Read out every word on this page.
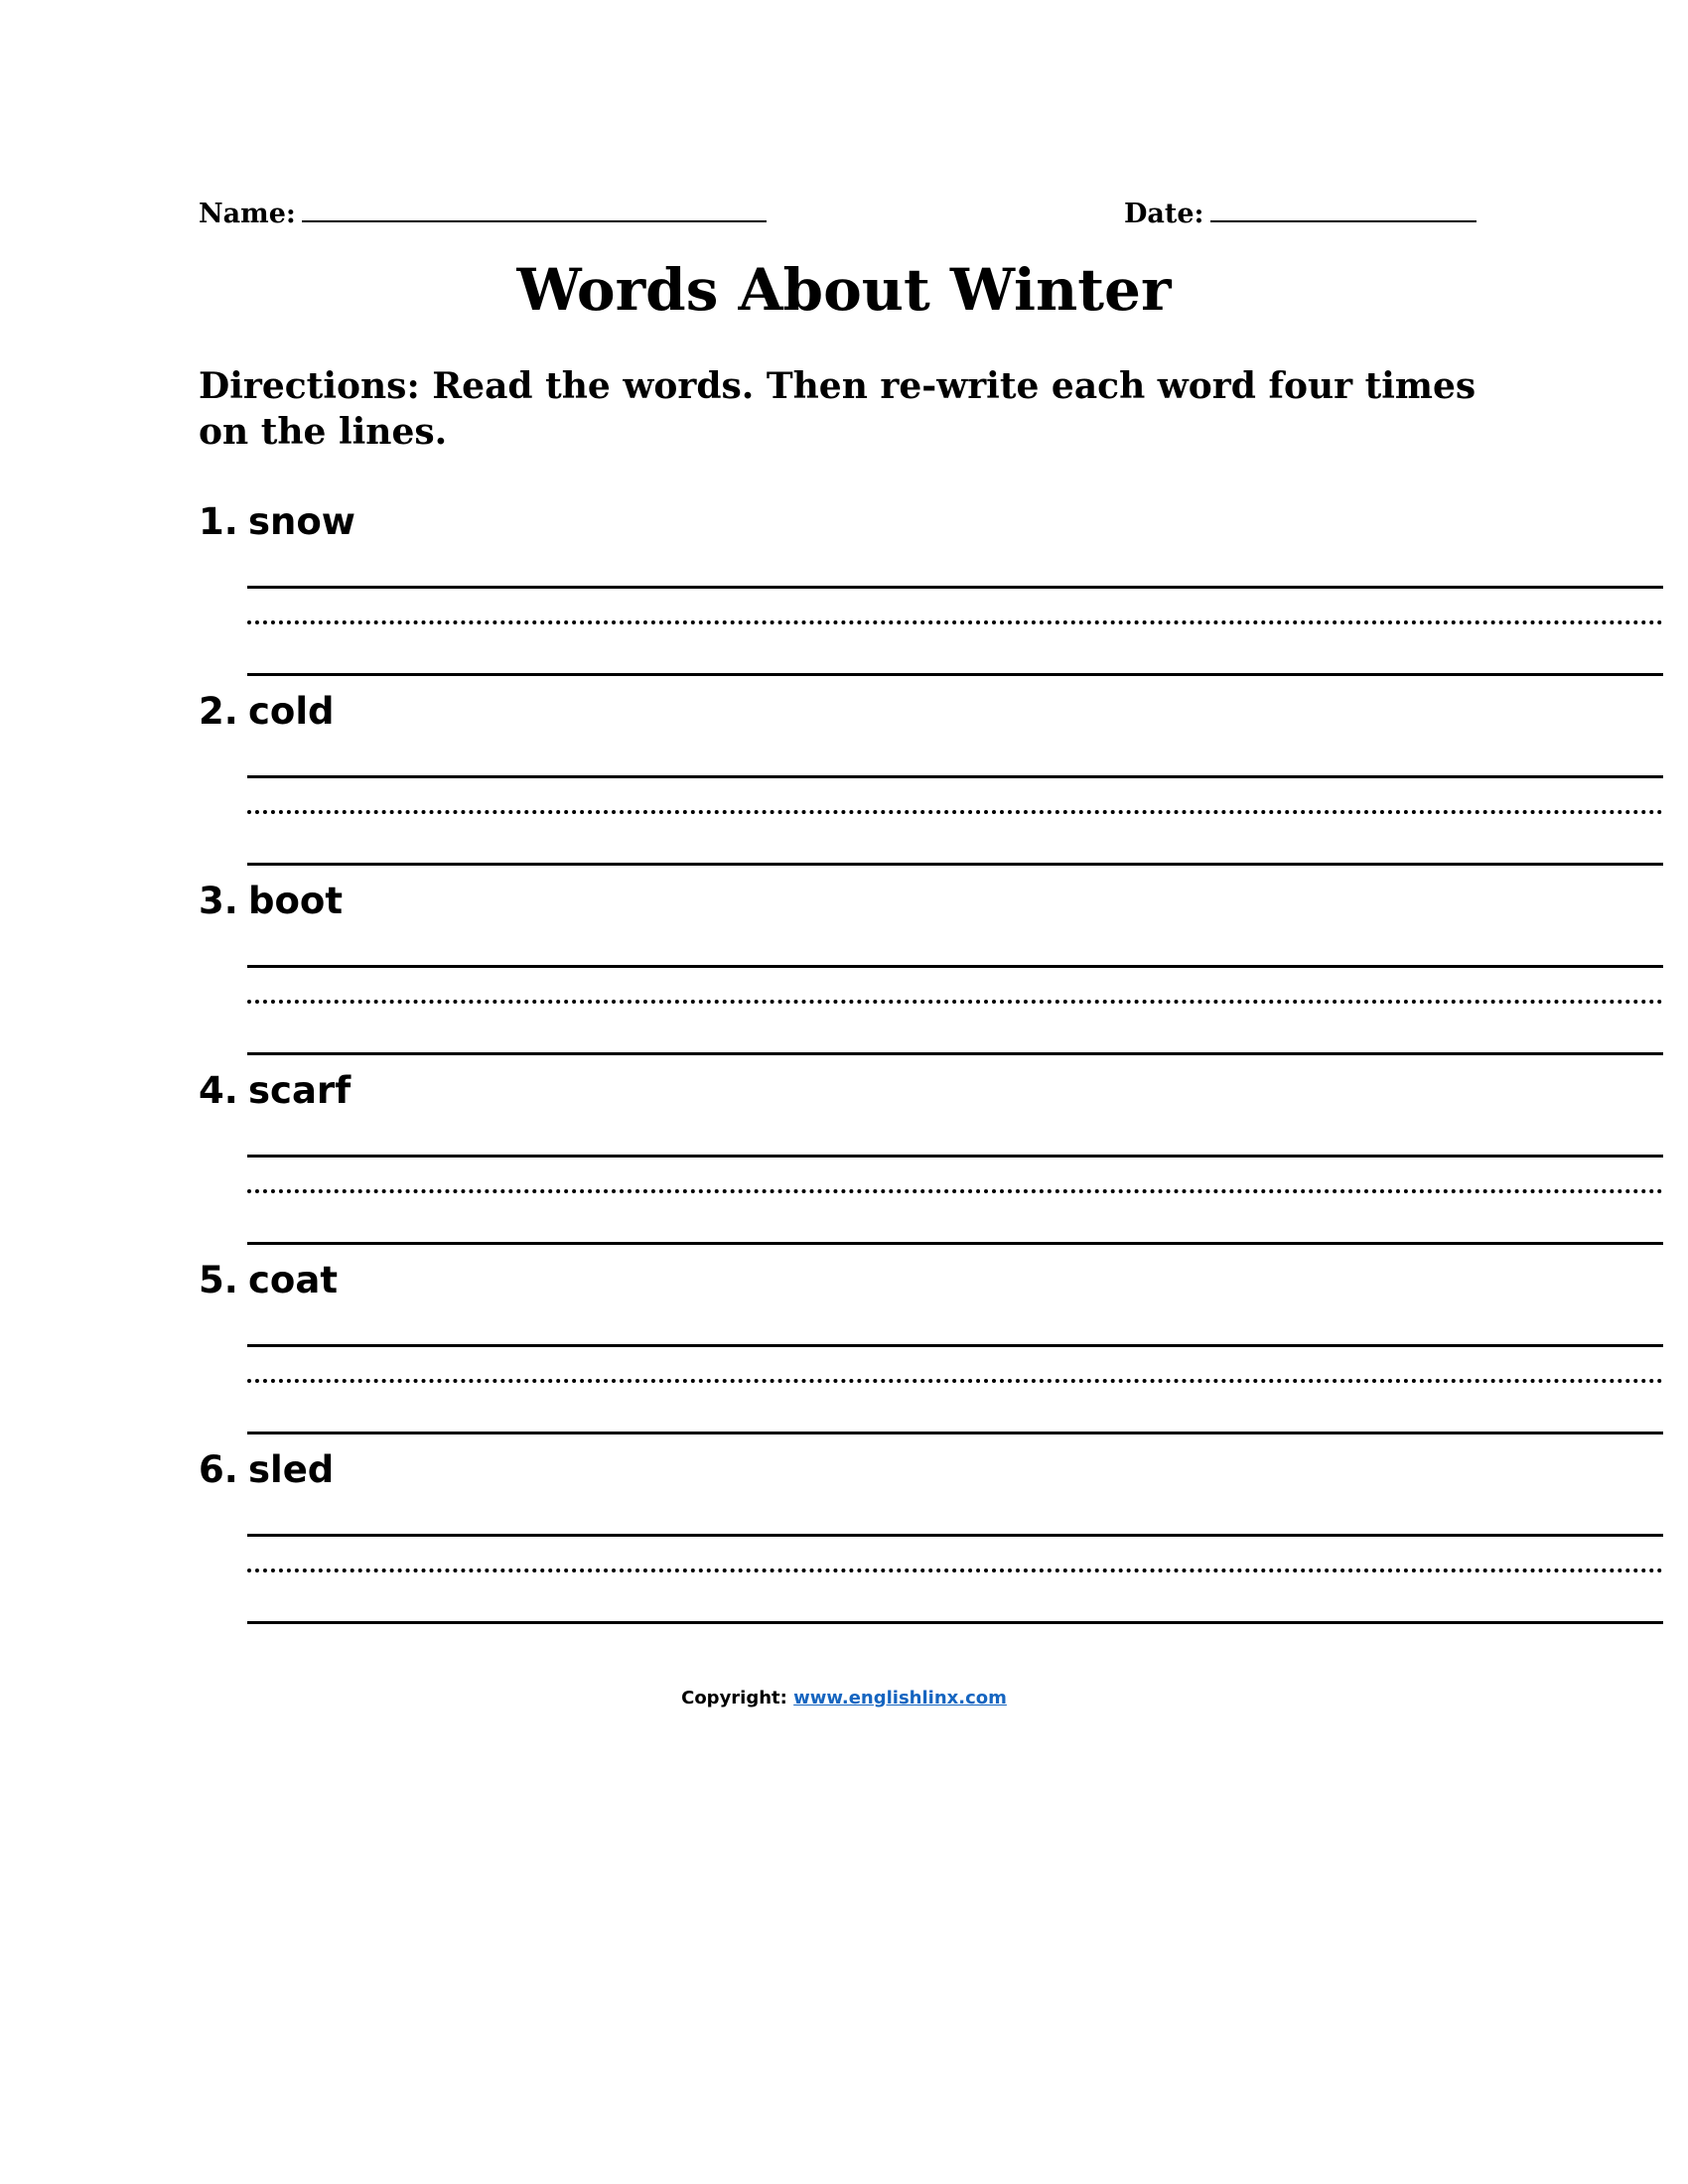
Name:	Date:
Words About Winter
Directions: Read the words. Then re-write each word four times on the lines.
1. snow
2. cold
3. boot
4. scarf
5. coat
6. sled
Copyright: www.englishlinx.com
